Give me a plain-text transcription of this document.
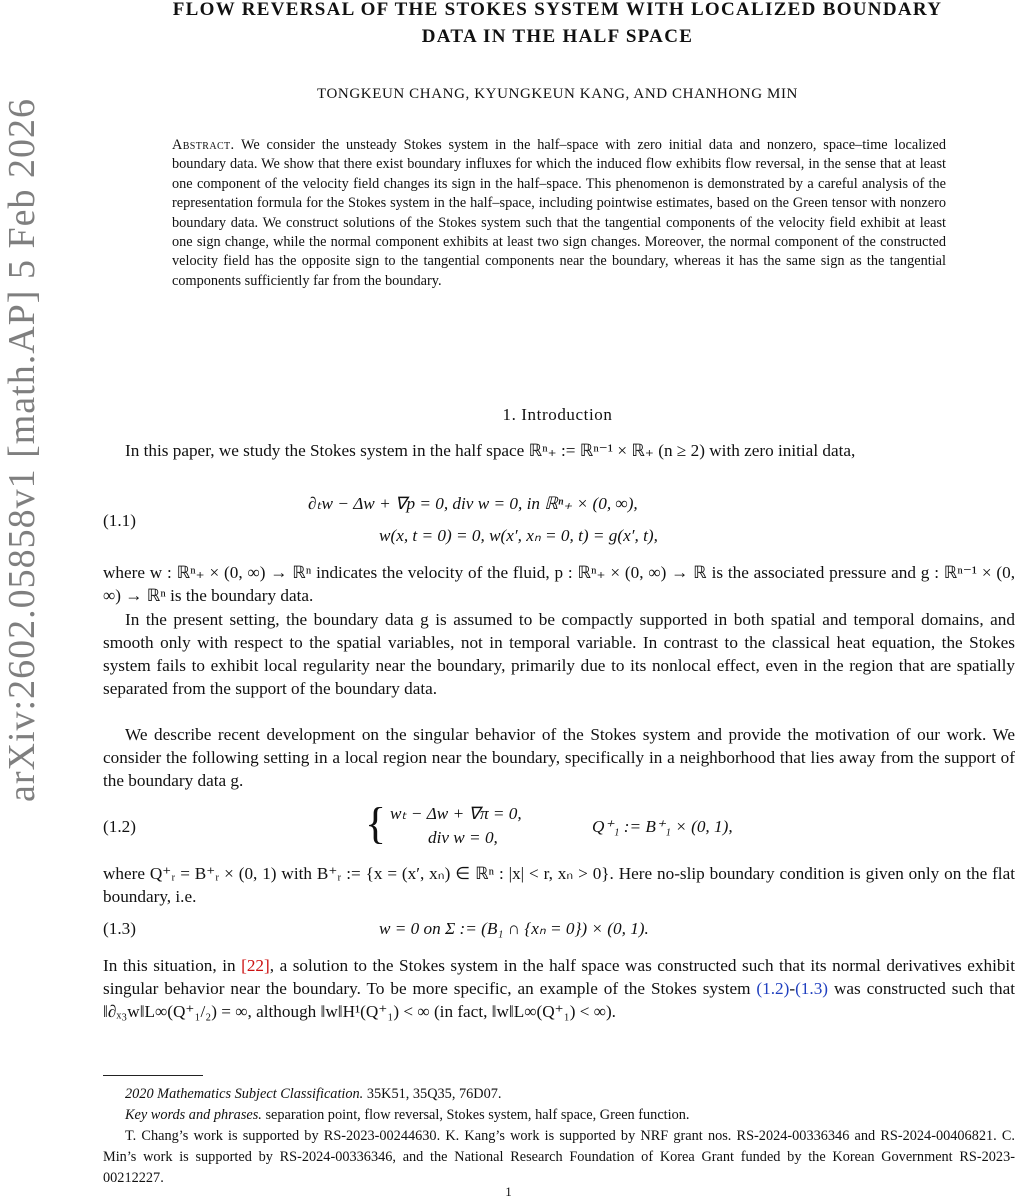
arXiv:2602.05858v1 [math.AP] 5 Feb 2026
FLOW REVERSAL OF THE STOKES SYSTEM WITH LOCALIZED BOUNDARY
DATA IN THE HALF SPACE
TONGKEUN CHANG, KYUNGKEUN KANG, AND CHANHONG MIN
Abstract. We consider the unsteady Stokes system in the half–space with zero initial data and nonzero, space–time localized boundary data. We show that there exist boundary influxes for which the induced flow exhibits flow reversal, in the sense that at least one component of the velocity field changes its sign in the half–space. This phenomenon is demonstrated by a careful analysis of the representation formula for the Stokes system in the half–space, including pointwise estimates, based on the Green tensor with nonzero boundary data. We construct solutions of the Stokes system such that the tangential components of the velocity field exhibit at least one sign change, while the normal component exhibits at least two sign changes. Moreover, the normal component of the constructed velocity field has the opposite sign to the tangential components near the boundary, whereas it has the same sign as the tangential components sufficiently far from the boundary.
1. Introduction
In this paper, we study the Stokes system in the half space ℝⁿ₊ := ℝⁿ⁻¹ × ℝ₊ (n ≥ 2) with zero initial data,
(1.1)
∂ₜw − Δw + ∇p = 0, div w = 0, in ℝⁿ₊ × (0, ∞),
w(x, t = 0) = 0, w(x′, xₙ = 0, t) = g(x′, t),
where w : ℝⁿ₊ × (0, ∞) → ℝⁿ indicates the velocity of the fluid, p : ℝⁿ₊ × (0, ∞) → ℝ is the associated pressure and g : ℝⁿ⁻¹ × (0, ∞) → ℝⁿ is the boundary data.
In the present setting, the boundary data g is assumed to be compactly supported in both spatial and temporal domains, and smooth only with respect to the spatial variables, not in temporal variable. In contrast to the classical heat equation, the Stokes system fails to exhibit local regularity near the boundary, primarily due to its nonlocal effect, even in the region that are spatially separated from the support of the boundary data.
We describe recent development on the singular behavior of the Stokes system and provide the motivation of our work. We consider the following setting in a local region near the boundary, specifically in a neighborhood that lies away from the support of the boundary data g.
(1.2)	{ wₜ − Δw + ∇π = 0,
div w = 0,
Q⁺₁ := B⁺₁ × (0, 1),
where Q⁺ᵣ = B⁺ᵣ × (0, 1) with B⁺ᵣ := {x = (x′, xₙ) ∈ ℝⁿ : |x| < r, xₙ > 0}. Here no-slip boundary condition is given only on the flat boundary, i.e.
(1.3)	w = 0 on Σ := (B₁ ∩ {xₙ = 0}) × (0, 1).
In this situation, in [22], a solution to the Stokes system in the half space was constructed such that its normal derivatives exhibit singular behavior near the boundary. To be more specific, an example of the Stokes system (1.2)-(1.3) was constructed such that ‖∂ₓ₃w‖L∞(Q⁺₁/₂) = ∞, although ‖w‖H¹(Q⁺₁) < ∞ (in fact, ‖w‖L∞(Q⁺₁) < ∞).

2020 Mathematics Subject Classification. 35K51, 35Q35, 76D07.

Key words and phrases. separation point, flow reversal, Stokes system, half space, Green function.

T. Chang’s work is supported by RS-2023-00244630. K. Kang’s work is supported by NRF grant nos. RS-2024-00336346 and RS-2024-00406821. C. Min’s work is supported by RS-2024-00336346, and the National Research Foundation of Korea Grant funded by the Korean Government RS-2023-00212227.

1
